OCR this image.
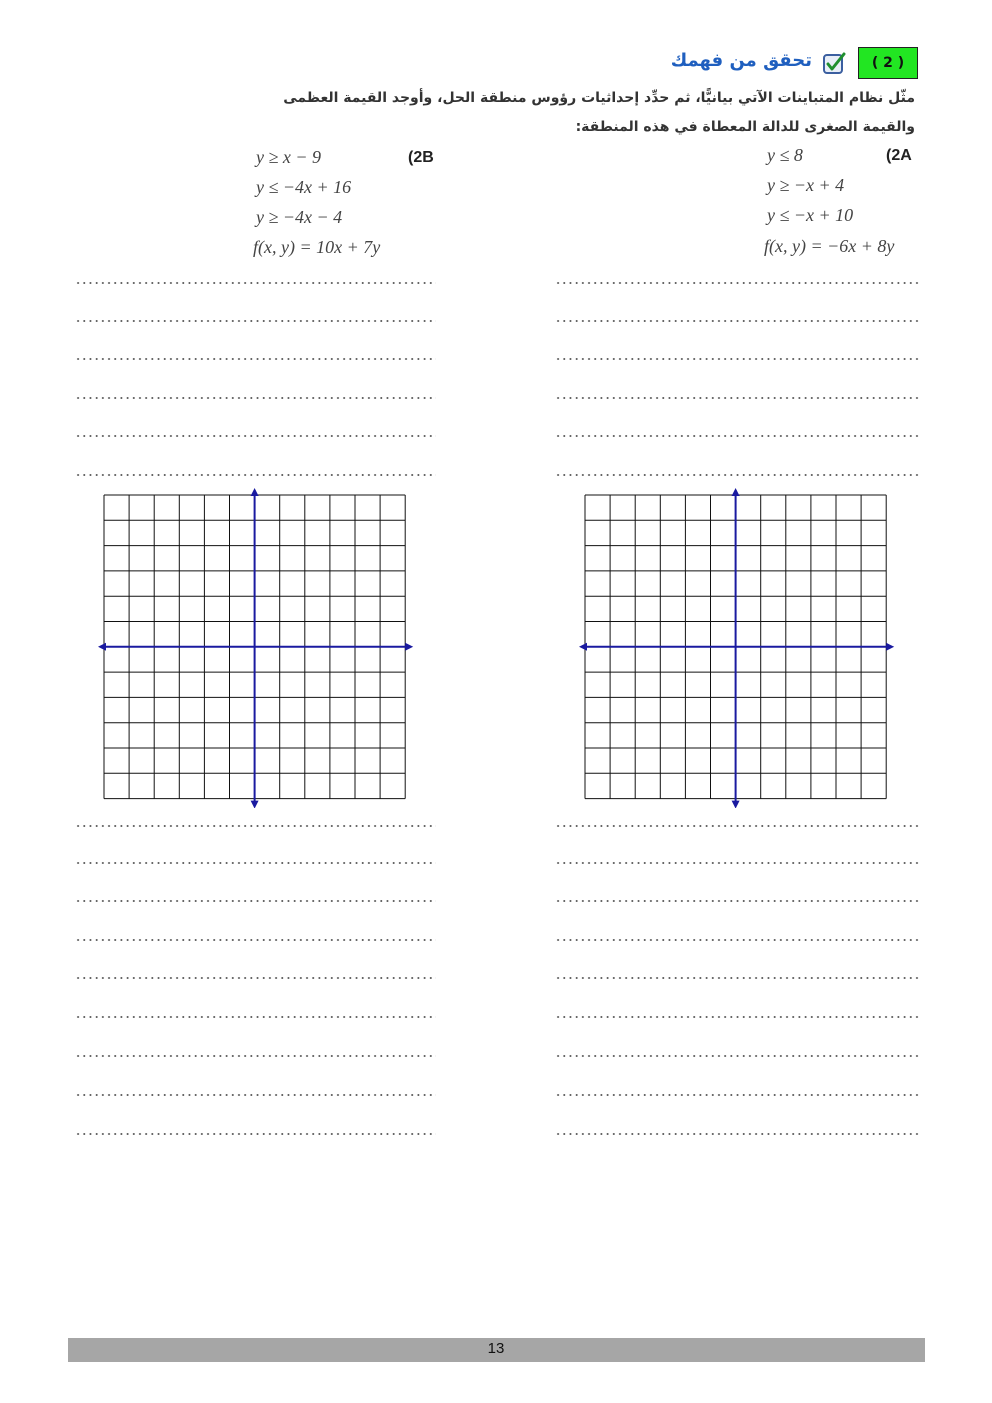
( 2 )
تحقق من فهمك
مثّل نظام المتباينات الآتي بيانيًّا، ثم حدِّد إحداثيات رؤوس منطقة الحل، وأوجد القيمة العظمى والقيمة الصغرى للدالة المعطاة في هذه المنطقة:
(2A
y ≤ 8
y ≥ −x + 4
y ≤ −x + 10
f(x, y) = −6x + 8y
(2B
y ≥ x − 9
y ≤ −4x + 16
y ≥ −4x − 4
f(x, y) = 10x + 7y
13
